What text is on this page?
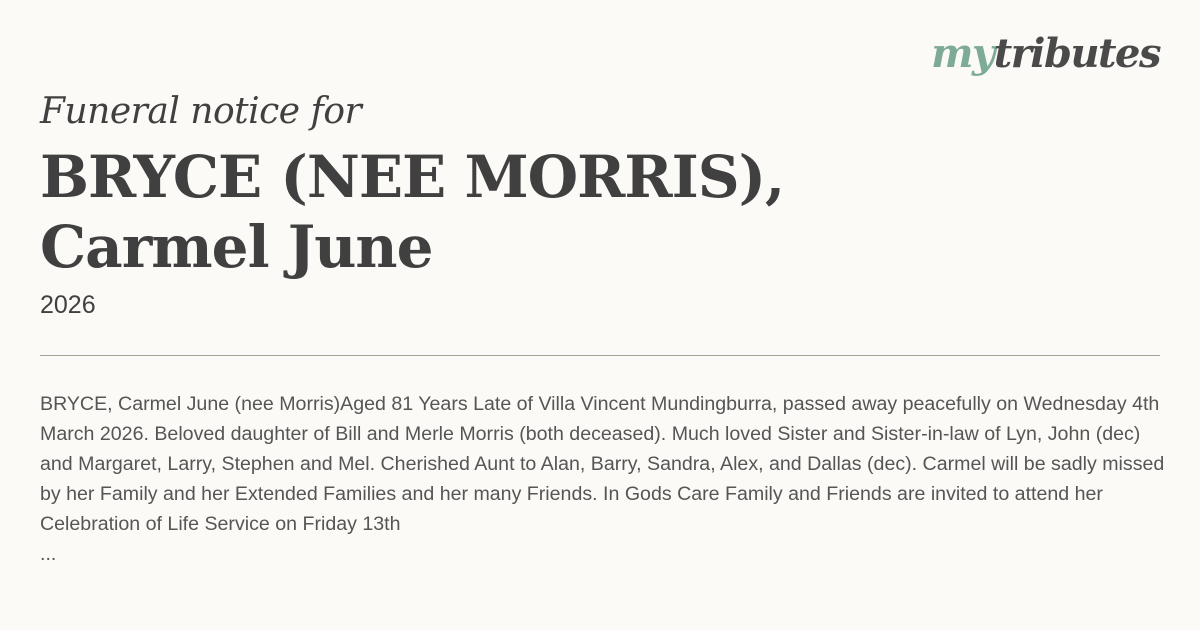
mytributes
Funeral notice for
BRYCE (NEE MORRIS),
Carmel June
2026

BRYCE, Carmel June (nee Morris)Aged 81 Years Late of Villa Vincent Mundingburra, passed away peacefully on Wednesday 4th March 2026. Beloved daughter of Bill and Merle Morris (both deceased). Much loved Sister and Sister-in-law of Lyn, John (dec) and Margaret, Larry, Stephen and Mel. Cherished Aunt to Alan, Barry, Sandra, Alex, and Dallas (dec). Carmel will be sadly missed by her Family and her Extended Families and her many Friends. In Gods Care Family and Friends are invited to attend her Celebration of Life Service on Friday 13th

...
